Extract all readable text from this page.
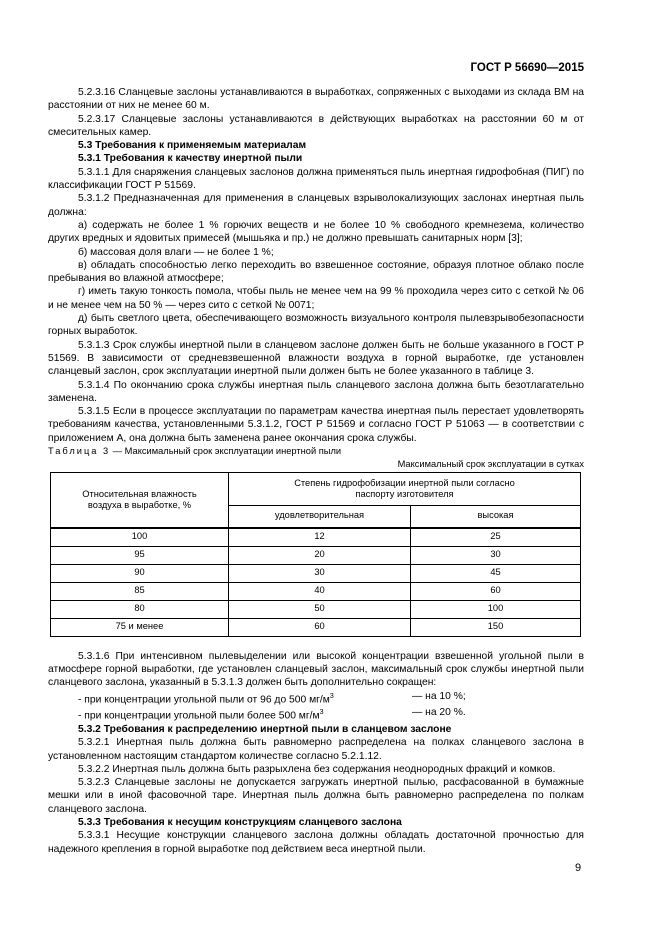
ГОСТ Р 56690—2015

5.2.3.16 Сланцевые заслоны устанавливаются в выработках, сопряженных с выходами из склада ВМ на расстоянии от них не менее 60 м.

5.2.3.17 Сланцевые заслоны устанавливаются в действующих выработках на расстоянии 60 м от смесительных камер.

5.3 Требования к применяемым материалам

5.3.1 Требования к качеству инертной пыли

5.3.1.1 Для снаряжения сланцевых заслонов должна применяться пыль инертная гидрофобная (ПИГ) по классификации ГОСТ Р 51569.

5.3.1.2 Предназначенная для применения в сланцевых взрыволокализующих заслонах инертная пыль должна:

а) содержать не более 1 % горючих веществ и не более 10 % свободного кремнезема, количество других вредных и ядовитых примесей (мышьяка и пр.) не должно превышать санитарных норм [3];

б) массовая доля влаги — не более 1 %;

в) обладать способностью легко переходить во взвешенное состояние, образуя плотное облако после пребывания во влажной атмосфере;

г) иметь такую тонкость помола, чтобы пыль не менее чем на 99 % проходила через сито с сеткой № 06 и не менее чем на 50 % — через сито с сеткой № 0071;

д) быть светлого цвета, обеспечивающего возможность визуального контроля пылевзрывобезопасности горных выработок.

5.3.1.3 Срок службы инертной пыли в сланцевом заслоне должен быть не больше указанного в ГОСТ Р 51569. В зависимости от средневзвешенной влажности воздуха в горной выработке, где установлен сланцевый заслон, срок эксплуатации инертной пыли должен быть не более указанного в таблице 3.

5.3.1.4 По окончанию срока службы инертная пыль сланцевого заслона должна быть безотлагательно заменена.

5.3.1.5 Если в процессе эксплуатации по параметрам качества инертная пыль перестает удовлетворять требованиям качества, установленными 5.3.1.2, ГОСТ Р 51569 и согласно ГОСТ Р 51063 — в соответствии с приложением А, она должна быть заменена ранее окончания срока службы.

Таблица 3 — Максимальный срок эксплуатации инертной пыли

Максимальный срок эксплуатации в сутках

Относительная влажность воздуха в выработке, %	Степень гидрофобизации инертной пыли согласно паспорту изготовителя	
	удовлетворительная	высокая
100	12	25
95	20	30
90	30	45
85	40	60
80	50	100
75 и менее	60	150

5.3.1.6 При интенсивном пылевыделении или высокой концентрации взвешенной угольной пыли в атмосфере горной выработки, где установлен сланцевый заслон, максимальный срок службы инертной пыли сланцевого заслона, указанный в 5.3.1.3 должен быть дополнительно сокращен:

- при концентрации угольной пыли от 96 до 500 $мг/м^3$	— на 10 %;
- при концентрации угольной пыли более 500 $мг/м^3$	— на 20 %.

5.3.2 Требования к распределению инертной пыли в сланцевом заслоне

5.3.2.1 Инертная пыль должна быть равномерно распределена на полках сланцевого заслона в установленном настоящим стандартом количестве согласно 5.2.1.12.

5.3.2.2 Инертная пыль должна быть разрыхлена без содержания неоднородных фракций и комков.

5.3.2.3 Сланцевые заслоны не допускается загружать инертной пылью, расфасованной в бумажные мешки или в иной фасовочной таре. Инертная пыль должна быть равномерно распределена по полкам сланцевого заслона.

5.3.3 Требования к несущим конструкциям сланцевого заслона

5.3.3.1 Несущие конструкции сланцевого заслона должны обладать достаточной прочностью для надежного крепления в горной выработке под действием веса инертной пыли.

9
